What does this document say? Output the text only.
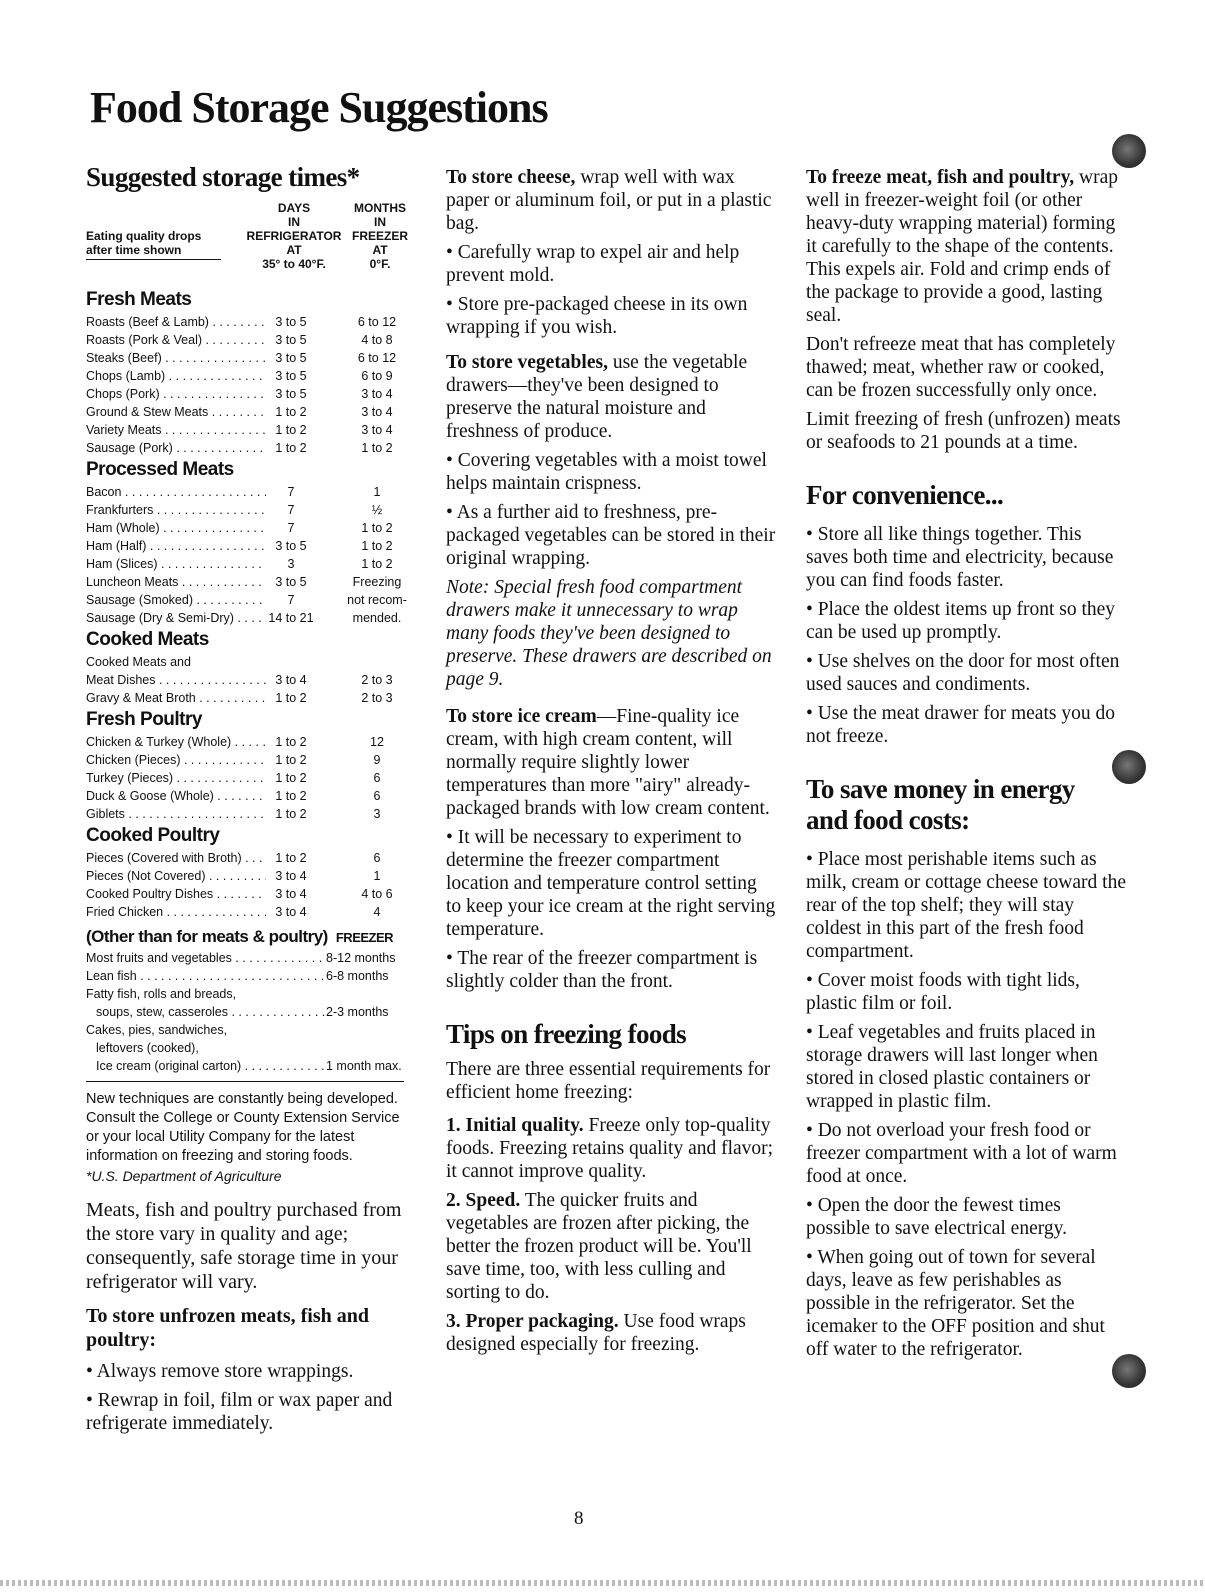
Food Storage Suggestions
Suggested storage times*
Eating quality drops
after time shown
DAYS
IN
REFRIGERATOR
AT
35° to 40°F.
MONTHS
IN
FREEZER
AT
0°F.
Fresh Meats
Roasts (Beef & Lamb) . . .	3 to 5	6 to 12
Roasts (Pork & Veal) . . .	3 to 5	4 to 8
Steaks (Beef) . . .	3 to 5	6 to 12
Chops (Lamb) . . .	3 to 5	6 to 9
Chops (Pork) . . .	3 to 5	3 to 4
Ground & Stew Meats . . .	1 to 2	3 to 4
Variety Meats . . .	1 to 2	3 to 4
Sausage (Pork) . . .	1 to 2	1 to 2
Processed Meats
Bacon . . .	7	1
Frankfurters . . .	7	½
Ham (Whole) . . .	7	1 to 2
Ham (Half) . . .	3 to 5	1 to 2
Ham (Slices) . . .	3	1 to 2
Luncheon Meats . . .	3 to 5	Freezing
Sausage (Smoked) . . .	7	not recom-
Sausage (Dry & Semi-Dry) . . .	14 to 21	mended.
Cooked Meats
Cooked Meats and
Meat Dishes . . .	3 to 4	2 to 3
Gravy & Meat Broth . . .	1 to 2	2 to 3
Fresh Poultry
Chicken & Turkey (Whole) . . .	1 to 2	12
Chicken (Pieces) . . .	1 to 2	9
Turkey (Pieces) . . .	1 to 2	6
Duck & Goose (Whole) . . .	1 to 2	6
Giblets . . .	1 to 2	3
Cooked Poultry
Pieces (Covered with Broth) . . .	1 to 2	6
Pieces (Not Covered) . . .	3 to 4	1
Cooked Poultry Dishes . . .	3 to 4	4 to 6
Fried Chicken . . .	3 to 4	4
(Other than for meats & poultry) FREEZER
Most fruits and vegetables . . .	8-12 months
Lean fish . . .	6-8 months
Fatty fish, rolls and breads,
soups, stew, casseroles . . .	2-3 months
Cakes, pies, sandwiches,
leftovers (cooked),
Ice cream (original carton) . . .	1 month max.

New techniques are constantly being developed. Consult the College or County Extension Service or your local Utility Company for the latest information on freezing and storing foods.

*U.S. Department of Agriculture

Meats, fish and poultry purchased from the store vary in quality and age; consequently, safe storage time in your refrigerator will vary.

To store unfrozen meats, fish and poultry:

• Always remove store wrappings.

• Rewrap in foil, film or wax paper and refrigerate immediately.

To store cheese, wrap well with wax paper or aluminum foil, or put in a plastic bag.

• Carefully wrap to expel air and help prevent mold.

• Store pre-packaged cheese in its own wrapping if you wish.

To store vegetables, use the vegetable drawers—they've been designed to preserve the natural moisture and freshness of produce.

• Covering vegetables with a moist towel helps maintain crispness.

• As a further aid to freshness, pre-packaged vegetables can be stored in their original wrapping.

Note: Special fresh food compartment drawers make it unnecessary to wrap many foods they've been designed to preserve. These drawers are described on page 9.

To store ice cream—Fine-quality ice cream, with high cream content, will normally require slightly lower temperatures than more "airy" already-packaged brands with low cream content.

• It will be necessary to experiment to determine the freezer compartment location and temperature control setting to keep your ice cream at the right serving temperature.

• The rear of the freezer compartment is slightly colder than the front.

Tips on freezing foods

There are three essential requirements for efficient home freezing:

1. Initial quality. Freeze only top-quality foods. Freezing retains quality and flavor; it cannot improve quality.

2. Speed. The quicker fruits and vegetables are frozen after picking, the better the frozen product will be. You'll save time, too, with less culling and sorting to do.

3. Proper packaging. Use food wraps designed especially for freezing.

To freeze meat, fish and poultry, wrap well in freezer-weight foil (or other heavy-duty wrapping material) forming it carefully to the shape of the contents. This expels air. Fold and crimp ends of the package to provide a good, lasting seal.

Don't refreeze meat that has completely thawed; meat, whether raw or cooked, can be frozen successfully only once.

Limit freezing of fresh (unfrozen) meats or seafoods to 21 pounds at a time.

For convenience...

• Store all like things together. This saves both time and electricity, because you can find foods faster.

• Place the oldest items up front so they can be used up promptly.

• Use shelves on the door for most often used sauces and condiments.

• Use the meat drawer for meats you do not freeze.

To save money in energy
and food costs:

• Place most perishable items such as milk, cream or cottage cheese toward the rear of the top shelf; they will stay coldest in this part of the fresh food compartment.

• Cover moist foods with tight lids, plastic film or foil.

• Leaf vegetables and fruits placed in storage drawers will last longer when stored in closed plastic containers or wrapped in plastic film.

• Do not overload your fresh food or freezer compartment with a lot of warm food at once.

• Open the door the fewest times possible to save electrical energy.

• When going out of town for several days, leave as few perishables as possible in the refrigerator. Set the icemaker to the OFF position and shut off water to the refrigerator.

8
